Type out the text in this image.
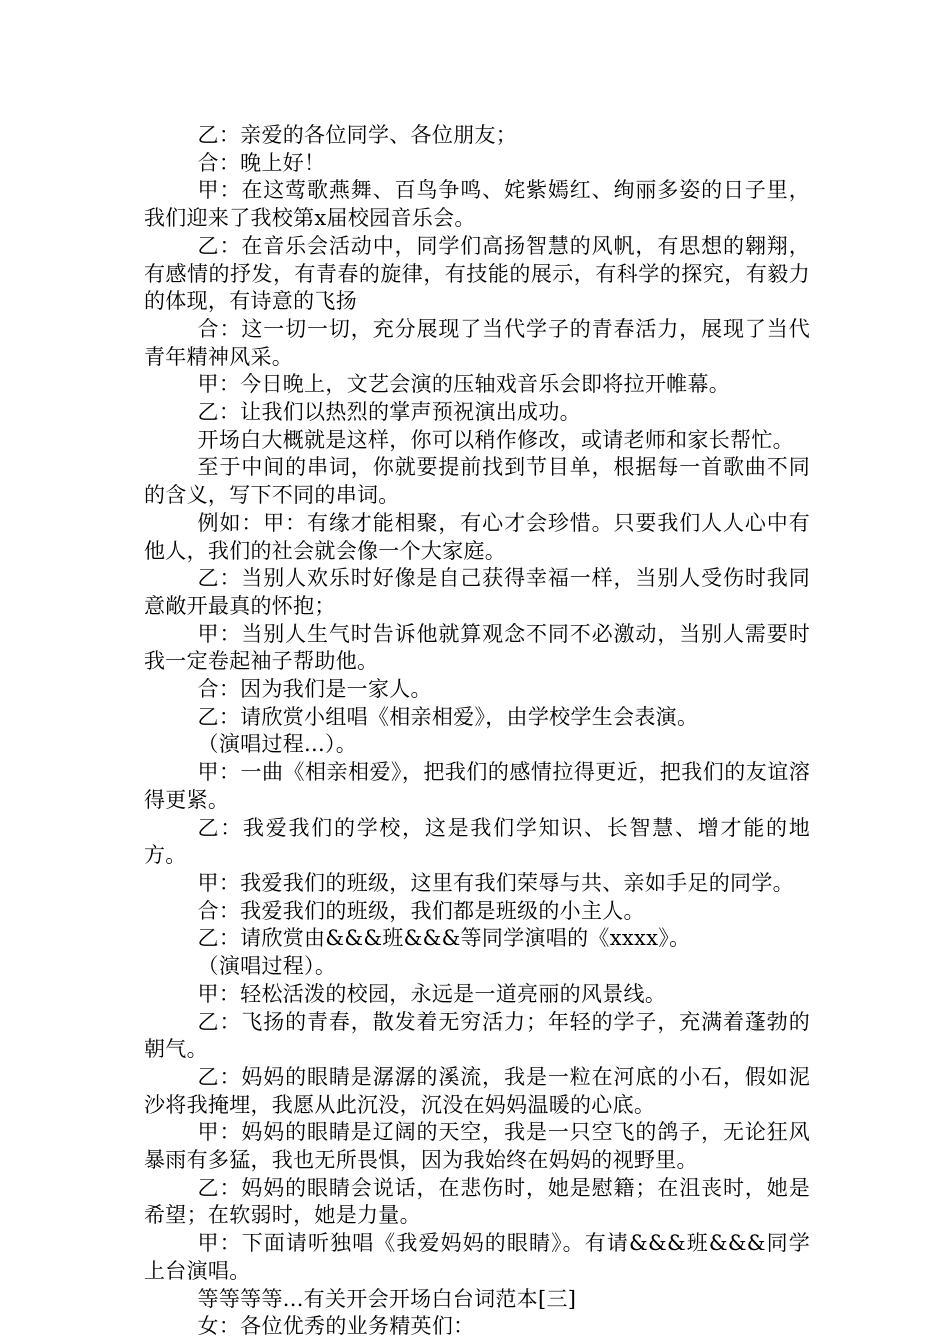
乙：亲爱的各位同学、各位朋友；

合：晚上好！

甲：在这莺歌燕舞、百鸟争鸣、姹紫嫣红、绚丽多姿的日子里，我们迎来了我校第x届校园音乐会。

乙：在音乐会活动中，同学们高扬智慧的风帆，有思想的翱翔，有感情的抒发，有青春的旋律，有技能的展示，有科学的探究，有毅力的体现，有诗意的飞扬

合：这一切一切，充分展现了当代学子的青春活力，展现了当代青年精神风采。

甲：今日晚上，文艺会演的压轴戏音乐会即将拉开帷幕。

乙：让我们以热烈的掌声预祝演出成功。

开场白大概就是这样，你可以稍作修改，或请老师和家长帮忙。

至于中间的串词，你就要提前找到节目单，根据每一首歌曲不同的含义，写下不同的串词。

例如：甲：有缘才能相聚，有心才会珍惜。只要我们人人心中有他人，我们的社会就会像一个大家庭。

乙：当别人欢乐时好像是自己获得幸福一样，当别人受伤时我同意敞开最真的怀抱；

甲：当别人生气时告诉他就算观念不同不必激动，当别人需要时我一定卷起袖子帮助他。

合：因为我们是一家人。

乙：请欣赏小组唱《相亲相爱》，由学校学生会表演。

（演唱过程...）。

甲：一曲《相亲相爱》，把我们的感情拉得更近，把我们的友谊溶得更紧。

乙：我爱我们的学校，这是我们学知识、长智慧、增才能的地方。

甲：我爱我们的班级，这里有我们荣辱与共、亲如手足的同学。

合：我爱我们的班级，我们都是班级的小主人。

乙：请欣赏由&&&班&&&等同学演唱的《xxxx》。

（演唱过程）。

甲：轻松活泼的校园，永远是一道亮丽的风景线。

乙：飞扬的青春，散发着无穷活力；年轻的学子，充满着蓬勃的朝气。

乙：妈妈的眼睛是潺潺的溪流，我是一粒在河底的小石，假如泥沙将我掩埋，我愿从此沉没，沉没在妈妈温暖的心底。

甲：妈妈的眼睛是辽阔的天空，我是一只空飞的鸽子，无论狂风暴雨有多猛，我也无所畏惧，因为我始终在妈妈的视野里。

乙：妈妈的眼睛会说话，在悲伤时，她是慰籍；在沮丧时，她是希望；在软弱时，她是力量。

甲：下面请听独唱《我爱妈妈的眼睛》。有请&&&班&&&同学上台演唱。

等等等等...有关开会开场白台词范本[三]

女：各位优秀的业务精英们：
